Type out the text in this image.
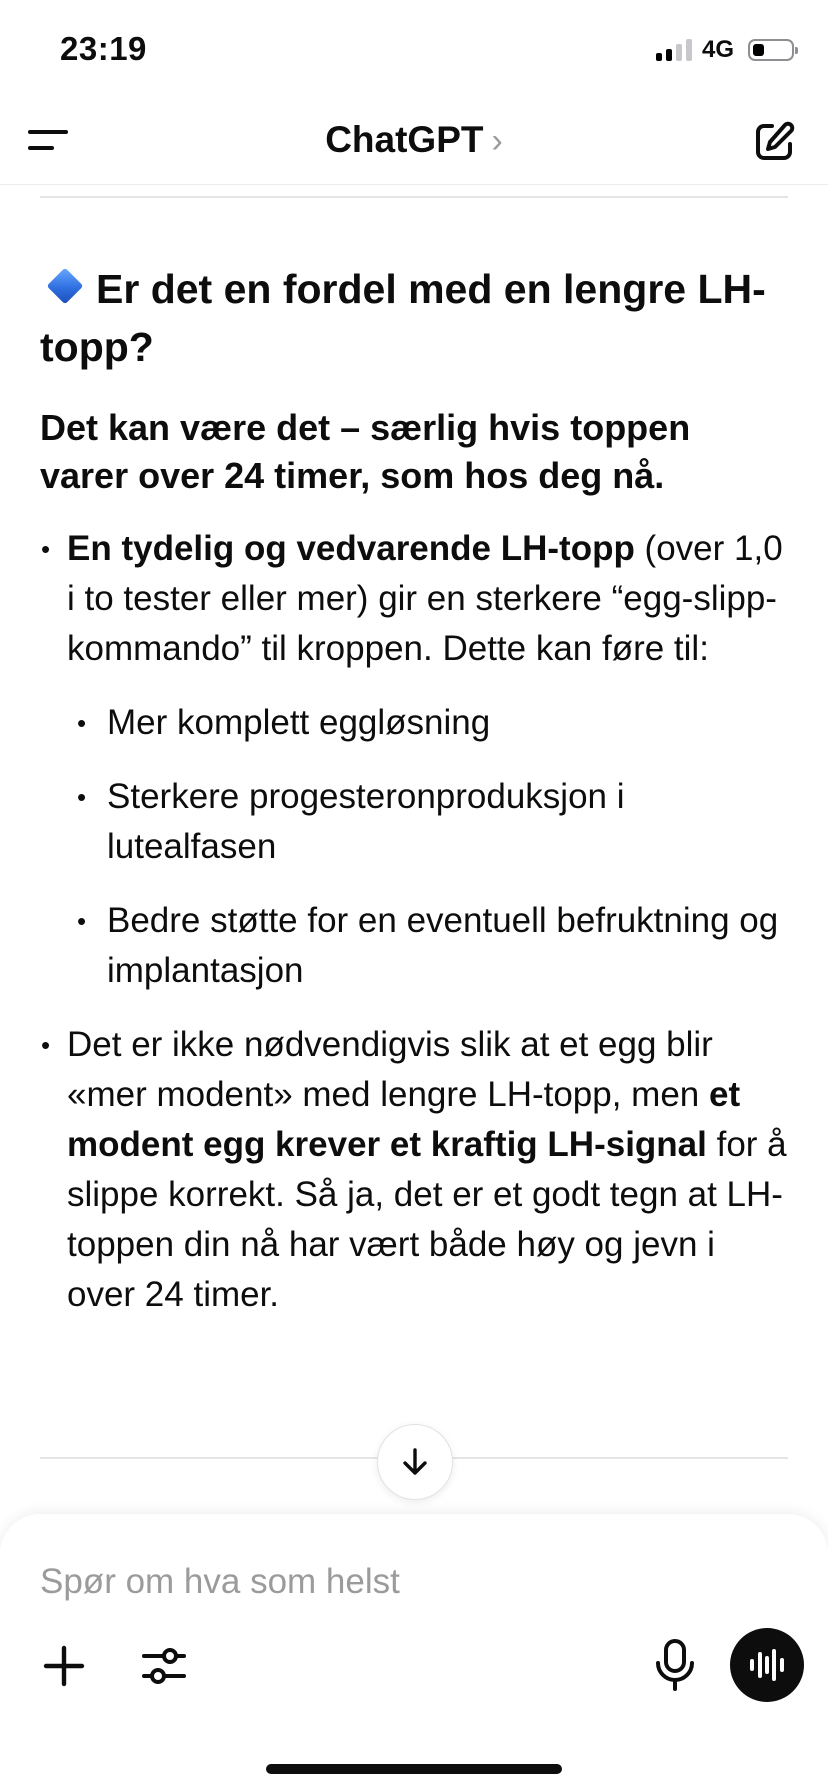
23:19	4G
ChatGPT ›
Er det en fordel med en lengre LH-topp?
Det kan være det – særlig hvis toppen varer over 24 timer, som hos deg nå.
• En tydelig og vedvarende LH-topp (over 1,0 i to tester eller mer) gir en sterkere “egg-slipp-kommando” til kroppen. Dette kan føre til:
• Mer komplett eggløsning
• Sterkere progesteronproduksjon i lutealfasen
• Bedre støtte for en eventuell befruktning og implantasjon
• Det er ikke nødvendigvis slik at et egg blir «mer modent» med lengre LH-topp, men et modent egg krever et kraftig LH-signal for å slippe korrekt. Så ja, det er et godt tegn at LH-toppen din nå har vært både høy og jevn i over 24 timer.
Spør om hva som helst
